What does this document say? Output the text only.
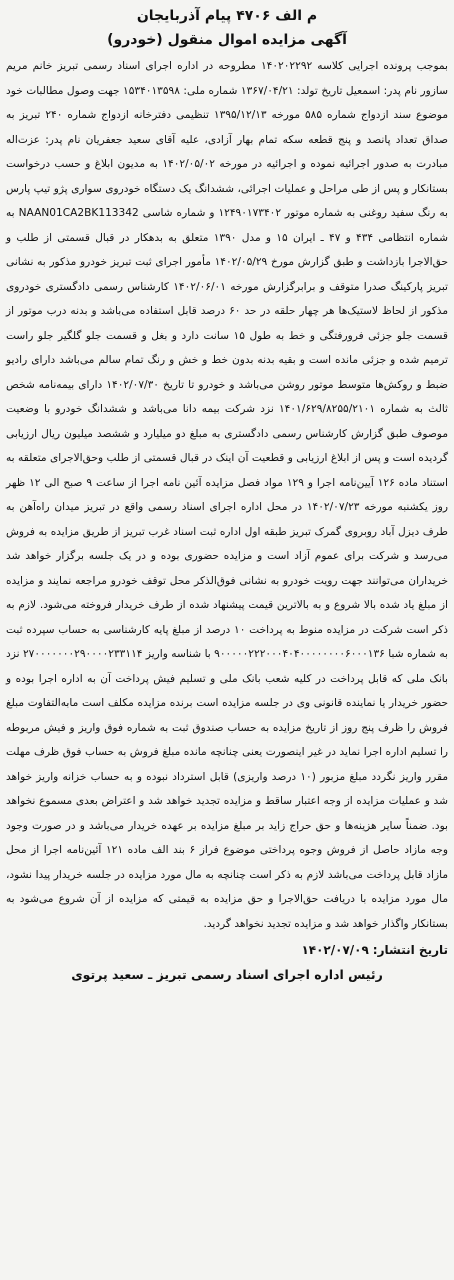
م الف ۴۷۰۶ پیام آذربایجان
آگهی مزایده اموال منقول (خودرو)

بموجب پرونده اجرایی کلاسه ۱۴۰۲۰۲۲۹۲ مطروحه در اداره اجرای اسناد رسمی تبریز خانم مریم سازور نام پدر: اسمعیل تاریخ تولد: ۱۳۶۷/۰۴/۲۱ شماره ملی: ۱۵۳۴۰۱۳۵۹۸ جهت وصول مطالبات خود موضوع سند ازدواج شماره ۵۸۵ مورخه ۱۳۹۵/۱۲/۱۳ تنظیمی دفترخانه ازدواج شماره ۲۴۰ تبریز به صداق تعداد پانصد و پنج قطعه سکه تمام بهار آزادی، علیه آقای سعید جعفریان نام پدر: عزت‌اله مبادرت به صدور اجرائیه نموده و اجرائیه در مورخه ۱۴۰۲/۰۵/۰۲ به مدیون ابلاغ و حسب درخواست بستانکار و پس از طی مراحل و عملیات اجرائی، ششدانگ یک دستگاه خودروی سواری پژو تیپ پارس به رنگ سفید روغنی به شماره موتور ۱۲۴۹۰۱۷۳۴۰۲ و شماره شاسی NAAN01CA2BK113342 به شماره انتظامی ۴۳۴ و ۴۷ ـ ایران ۱۵ و مدل ۱۳۹۰ متعلق به بدهکار در قبال قسمتی از طلب و حق‌الاجرا بازداشت و طبق گزارش مورخ ۱۴۰۲/۰۵/۲۹ مأمور اجرای ثبت تبریز خودرو مذکور به نشانی تبریز پارکینگ صدرا متوقف و برابرگزارش مورخه ۱۴۰۲/۰۶/۰۱ کارشناس رسمی دادگستری خودروی مذکور از لحاظ لاستیک‌ها هر چهار حلقه در حد ۶۰ درصد قابل استفاده می‌باشد و بدنه درب موتور از قسمت جلو جزئی فرورفتگی و خط به طول ۱۵ سانت دارد و بغل و قسمت جلو گلگیر جلو راست ترمیم شده و جزئی مانده است و بقیه بدنه بدون خط و خش و رنگ تمام سالم می‌باشد دارای رادیو ضبط و روکش‌ها متوسط موتور روشن می‌باشد و خودرو تا تاریخ ۱۴۰۲/۰۷/۳۰ دارای بیمه‌نامه شخص ثالث به شماره ۱۴۰۱/۶۲۹/۸۲۵۵/۲۱۰۱ نزد شرکت بیمه دانا می‌باشد و ششدانگ خودرو با وضعیت موصوف طبق گزارش کارشناس رسمی دادگستری به مبلغ دو میلیارد و ششصد میلیون ریال ارزیابی گردیده است و پس از ابلاغ ارزیابی و قطعیت آن اینک در قبال قسمتی از طلب وحق‌الاجرای متعلقه به استناد ماده ۱۲۶ آیین‌نامه اجرا و ۱۲۹ مواد فصل مزایده آئین نامه اجرا از ساعت ۹ صبح الی ۱۲ ظهر روز یکشنبه مورخه ۱۴۰۲/۰۷/۲۳ در محل اداره اجرای اسناد رسمی واقع در تبریز میدان راه‌آهن به طرف دیزل آباد روبروی گمرک تبریز طبقه اول اداره ثبت اسناد غرب تبریز از طریق مزایده به فروش می‌رسد و شرکت برای عموم آزاد است و مزایده حضوری بوده و در یک جلسه برگزار خواهد شد خریداران می‌توانند جهت رویت خودرو به نشانی فوق‌الذکر محل توقف خودرو مراجعه نمایند و مزایده از مبلغ یاد شده بالا شروع و به بالاترین قیمت پیشنهاد شده از طرف خریدار فروخته می‌شود. لازم به ذکر است شرکت در مزایده منوط به پرداخت ۱۰ درصد از مبلغ پایه کارشناسی به حساب سپرده ثبت به شماره شبا ۹۰۰۰۰۰۲۲۲۰۰۰۴۰۴۰۰۰۰۰۰۰۰۶۰۰۰۱۳۶ با شناسه واریز ۲۷۰۰۰۰۰۰۰۲۹۰۰۰۰۲۳۳۱۱۴ نزد بانک ملی که قابل پرداخت در کلیه شعب بانک ملی و تسلیم فیش پرداخت آن به اداره اجرا بوده و حضور خریدار یا نماینده قانونی وی در جلسه مزایده است برنده مزایده مکلف است مابه‌التفاوت مبلغ فروش را ظرف پنج روز از تاریخ مزایده به حساب صندوق ثبت به شماره فوق واریز و فیش مربوطه را تسلیم اداره اجرا نماید در غیر اینصورت یعنی چنانچه مانده مبلغ فروش به حساب فوق ظرف مهلت مقرر واریز نگردد مبلغ مزبور (۱۰ درصد واریزی) قابل استرداد نبوده و به حساب خزانه واریز خواهد شد و عملیات مزایده از وجه اعتبار ساقط و مزایده تجدید خواهد شد و اعتراض بعدی مسموع نخواهد بود. ضمناً سایر هزینه‌ها و حق حراج زاید بر مبلغ مزایده بر عهده خریدار می‌باشد و در صورت وجود وجه مازاد حاصل از فروش وجوه پرداختی موضوع فراز ۶ بند الف ماده ۱۲۱ آئین‌نامه اجرا از محل مازاد قابل پرداخت می‌باشد لازم به ذکر است چنانچه به مال مورد مزایده در جلسه خریدار پیدا نشود، مال مورد مزایده با دریافت حق‌الاجرا و حق مزایده به قیمتی که مزایده از آن شروع می‌شود به بستانکار واگذار خواهد شد و مزایده تجدید نخواهد گردید.

تاریخ انتشار:۱۴۰۲/۰۷/۰۹
رئیس اداره اجرای اسناد رسمی تبریز ـ سعید پرتوی
